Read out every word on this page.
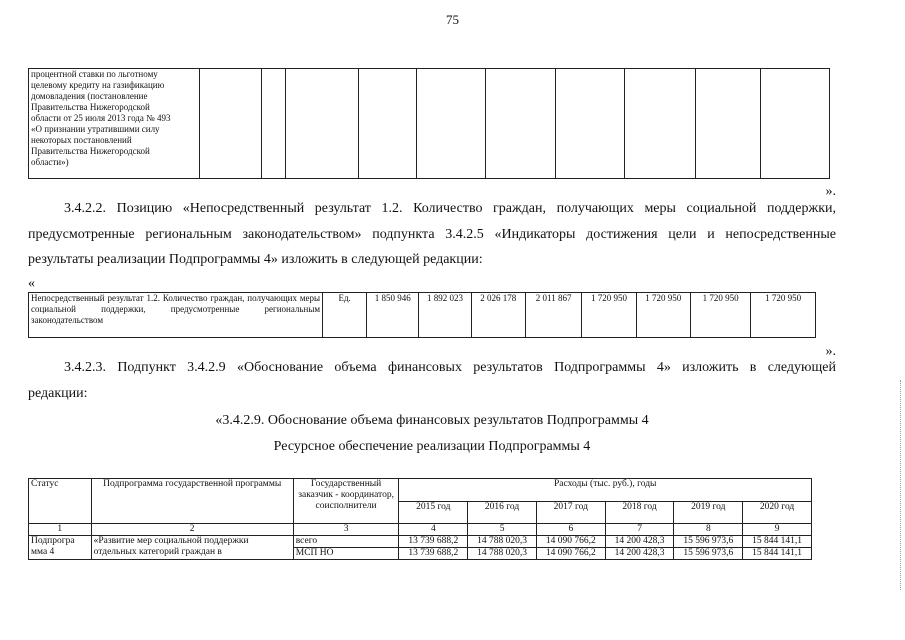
75
процентной ставки по льготному
целевому кредиту на газификацию
домовладения (постановление
Правительства Нижегородской
области от 25 июля 2013 года № 493
«О признании утратившими силу
некоторых постановлений
Правительства Нижегородской
области»)

».
3.4.2.2. Позицию «Непосредственный результат 1.2. Количество граждан, получающих меры социальной поддержки,
предусмотренные региональным законодательством» подпункта 3.4.2.5 «Индикаторы достижения цели и непосредственные
результаты реализации Подпрограммы 4» изложить в следующей редакции:
«
Непосредственный результат 1.2. Количество граждан, получающих меры социальной поддержки, предусмотренные региональным законодательством	Ед.	1 850 946	1 892 023	2 026 178	2 011 867	1 720 950	1 720 950	1 720 950	1 720 950
».
3.4.2.3. Подпункт 3.4.2.9 «Обоснование объема финансовых результатов Подпрограммы 4» изложить в следующей
редакции:
«3.4.2.9. Обоснование объема финансовых результатов Подпрограммы 4
Ресурсное обеспечение реализации Подпрограммы 4
Статус	Подпрограмма государственной программы	Государственный заказчик - координатор, соисполнители	Расходы (тыс. руб.), годы					
			2015 год	2016 год	2017 год	2018 год	2019 год	2020 год
1	2	3	4	5	6	7	8	9
Подпрогра мма 4	«Развитие мер социальной поддержки отдельных категорий граждан в	всего	13 739 688,2	14 788 020,3	14 090 766,2	14 200 428,3	15 596 973,6	15 844 141,1
		МСП НО	13 739 688,2	14 788 020,3	14 090 766,2	14 200 428,3	15 596 973,6	15 844 141,1
